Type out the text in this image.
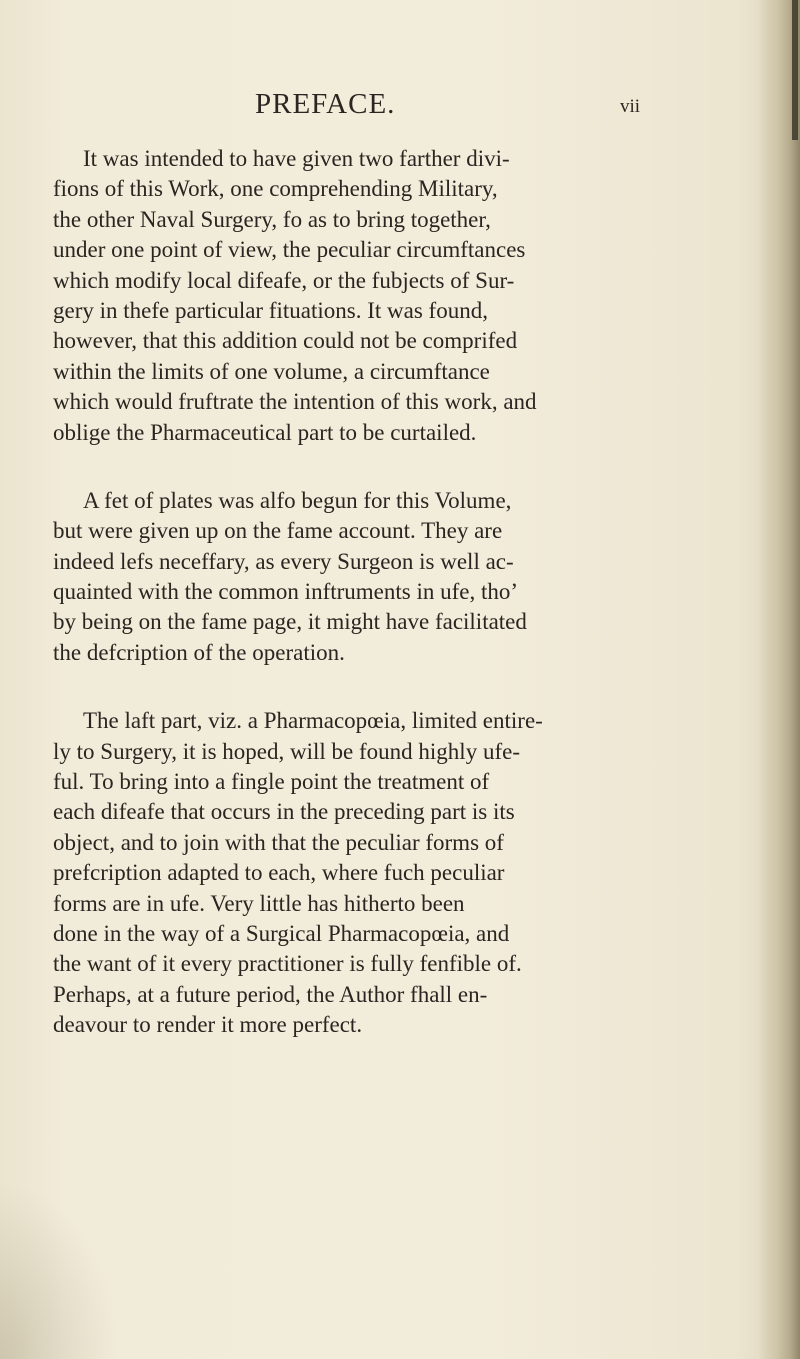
PREFACE.	vii

It was intended to have given two farther divi-
fions of this Work, one comprehending Military,
the other Naval Surgery, fo as to bring together,
under one point of view, the peculiar circumftances
which modify local difeafe, or the fubjects of Sur-
gery in thefe particular fituations. It was found,
however, that this addition could not be comprifed
within the limits of one volume, a circumftance
which would fruftrate the intention of this work, and
oblige the Pharmaceutical part to be curtailed.

A fet of plates was alfo begun for this Volume,
but were given up on the fame account. They are
indeed lefs neceffary, as every Surgeon is well ac-
quainted with the common inftruments in ufe, tho’
by being on the fame page, it might have facilitated
the defcription of the operation.

The laft part, viz. a Pharmacopœia, limited entire-
ly to Surgery, it is hoped, will be found highly ufe-
ful. To bring into a fingle point the treatment of
each difeafe that occurs in the preceding part is its
object, and to join with that the peculiar forms of
prefcription adapted to each, where fuch peculiar
forms are in ufe. Very little has hitherto been
done in the way of a Surgical Pharmacopœia, and
the want of it every practitioner is fully fenfible of.
Perhaps, at a future period, the Author fhall en-
deavour to render it more perfect.
